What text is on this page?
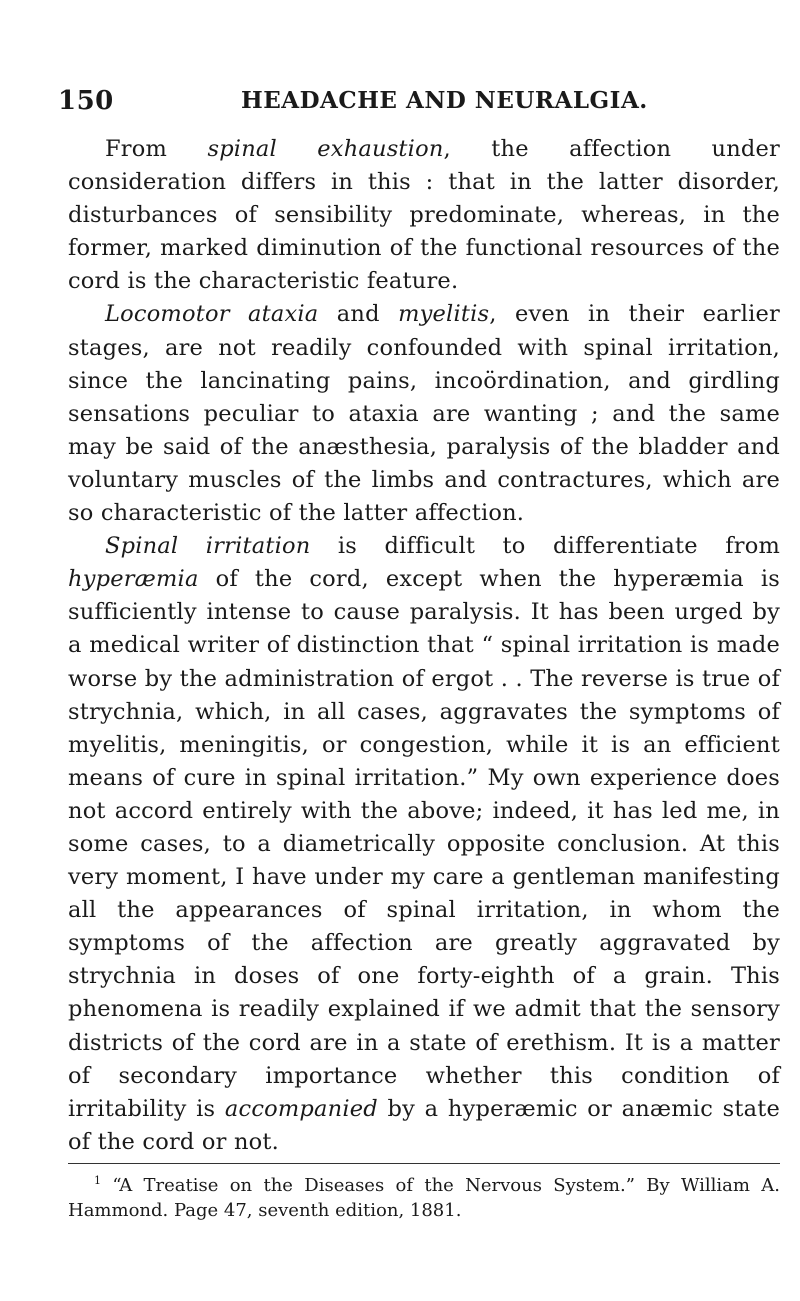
150	HEADACHE AND NEURALGIA.

From spinal exhaustion, the affection under consideration differs in this : that in the latter disorder, disturbances of sensibility predominate, whereas, in the former, marked diminution of the functional resources of the cord is the characteristic feature.

Locomotor ataxia and myelitis, even in their earlier stages, are not readily confounded with spinal irritation, since the lancinating pains, incoördination, and girdling sensations peculiar to ataxia are wanting ; and the same may be said of the anæsthesia, paralysis of the bladder and voluntary muscles of the limbs and contractures, which are so characteristic of the latter affection.

Spinal irritation is difficult to differentiate from hyperæmia of the cord, except when the hyperæmia is sufficiently intense to cause paralysis. It has been urged by a medical writer of distinction that “ spinal irritation is made worse by the administration of ergot . . The reverse is true of strychnia, which, in all cases, aggravates the symptoms of myelitis, meningitis, or congestion, while it is an efficient means of cure in spinal irritation.” My own experience does not accord entirely with the above; indeed, it has led me, in some cases, to a diametrically opposite conclusion. At this very moment, I have under my care a gentleman manifesting all the appearances of spinal irritation, in whom the symptoms of the affection are greatly aggravated by strychnia in doses of one forty-eighth of a grain. This phenomena is readily explained if we admit that the sensory districts of the cord are in a state of erethism. It is a matter of secondary importance whether this condition of irritability is accompanied by a hyperæmic or anæmic state of the cord or not.

$^1$ “A Treatise on the Diseases of the Nervous System.” By William A. Hammond. Page 47, seventh edition, 1881.
